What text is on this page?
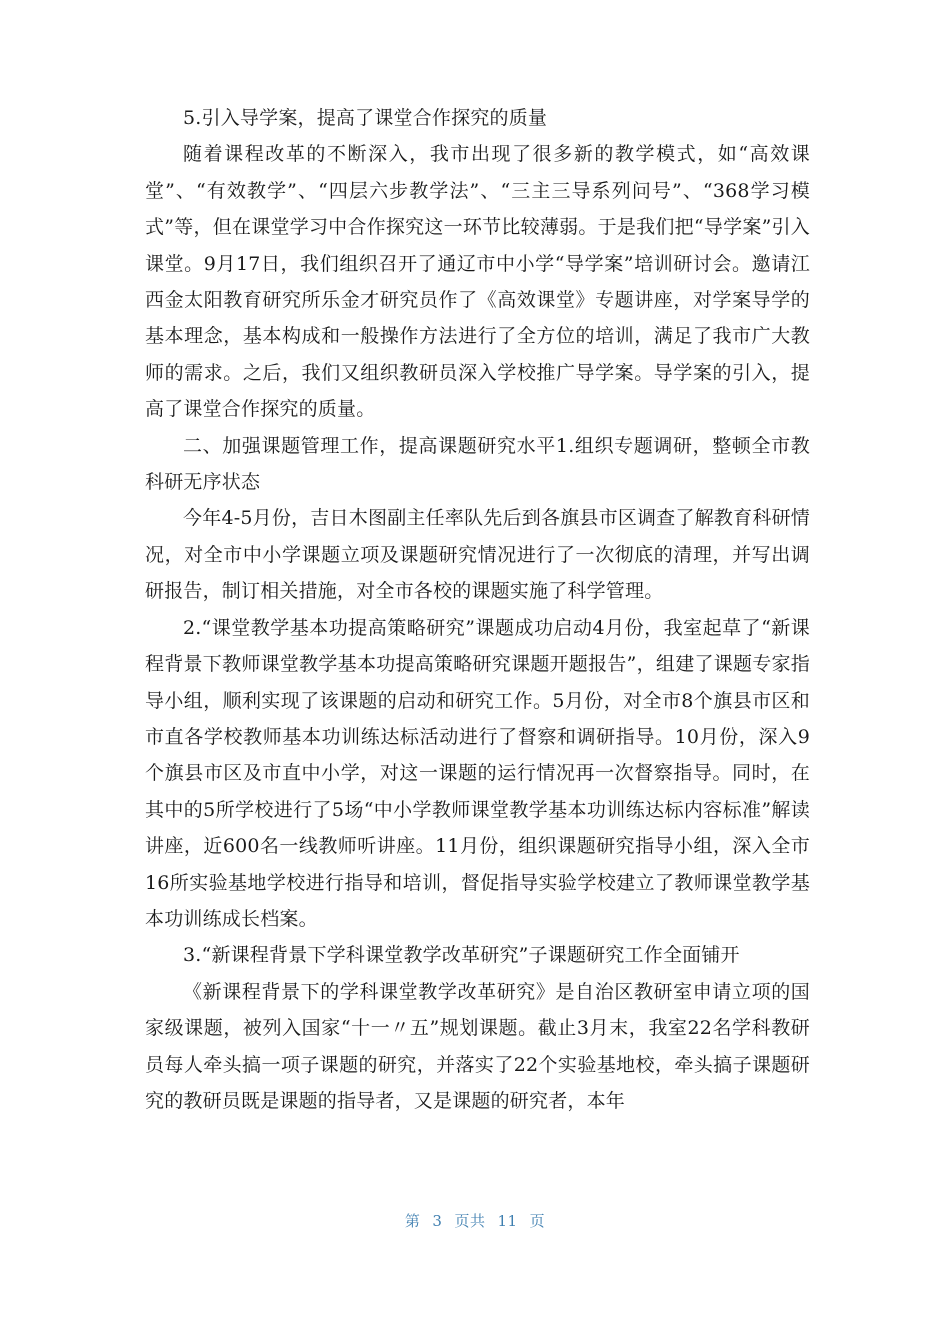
5.引入导学案，提高了课堂合作探究的质量

随着课程改革的不断深入，我市出现了很多新的教学模式，如“高效课堂”、“有效教学”、“四层六步教学法”、“三主三导系列问号”、“368学习模式”等，但在课堂学习中合作探究这一环节比较薄弱。于是我们把“导学案”引入课堂。9月17日，我们组织召开了通辽市中小学“导学案”培训研讨会。邀请江西金太阳教育研究所乐金才研究员作了《高效课堂》专题讲座，对学案导学的基本理念，基本构成和一般操作方法进行了全方位的培训，满足了我市广大教师的需求。之后，我们又组织教研员深入学校推广导学案。导学案的引入，提高了课堂合作探究的质量。

二、加强课题管理工作，提高课题研究水平1.组织专题调研，整顿全市教科研无序状态

今年4-5月份，吉日木图副主任率队先后到各旗县市区调查了解教育科研情况，对全市中小学课题立项及课题研究情况进行了一次彻底的清理，并写出调研报告，制订相关措施，对全市各校的课题实施了科学管理。

2.“课堂教学基本功提高策略研究”课题成功启动4月份，我室起草了“新课程背景下教师课堂教学基本功提高策略研究课题开题报告”，组建了课题专家指导小组，顺利实现了该课题的启动和研究工作。5月份，对全市8个旗县市区和市直各学校教师基本功训练达标活动进行了督察和调研指导。10月份，深入9个旗县市区及市直中小学，对这一课题的运行情况再一次督察指导。同时，在其中的5所学校进行了5场“中小学教师课堂教学基本功训练达标内容标准”解读讲座，近600名一线教师听讲座。11月份，组织课题研究指导小组，深入全市16所实验基地学校进行指导和培训，督促指导实验学校建立了教师课堂教学基本功训练成长档案。

3.“新课程背景下学科课堂教学改革研究”子课题研究工作全面铺开

《新课程背景下的学科课堂教学改革研究》是自治区教研室申请立项的国家级课题，被列入国家“十一〃五”规划课题。截止3月末，我室22名学科教研员每人牵头搞一项子课题的研究，并落实了22个实验基地校，牵头搞子课题研究的教研员既是课题的指导者，又是课题的研究者，本年

第 3 页共 11 页
